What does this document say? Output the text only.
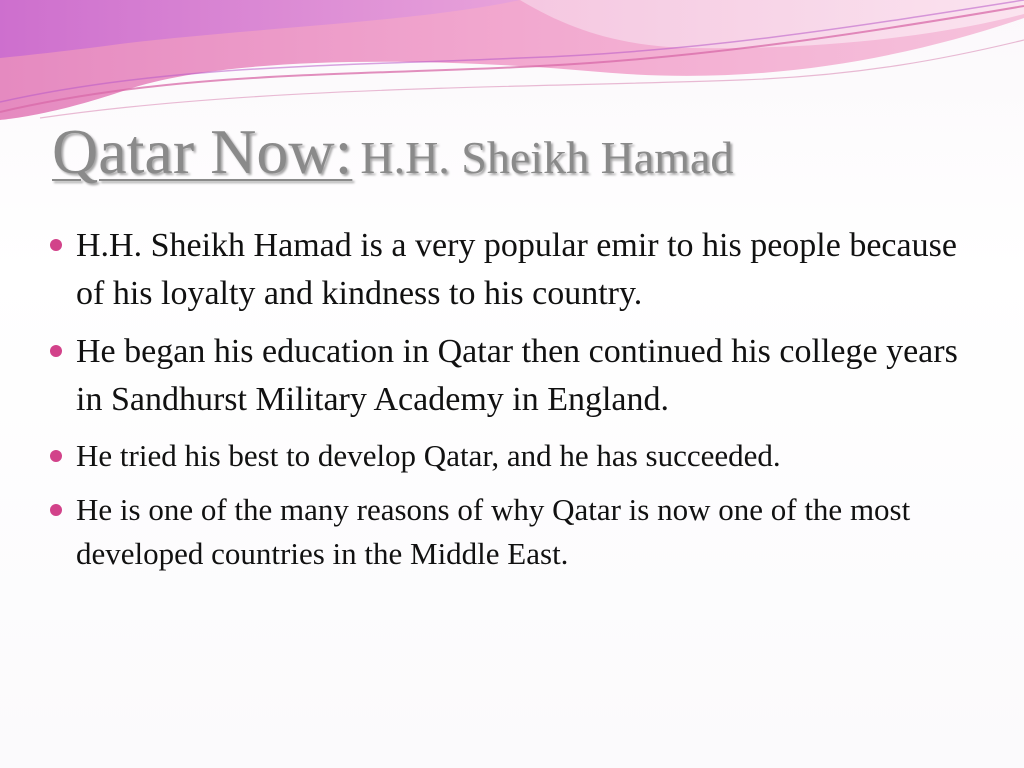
Qatar Now: H.H. Sheikh Hamad
H.H. Sheikh Hamad is a very popular emir to his people because of his loyalty and kindness to his country.
He began his education in Qatar then continued his college years in Sandhurst Military Academy in England.
He tried his best to develop Qatar, and he has succeeded.
He is one of the many reasons of why Qatar is now one of the most developed countries in the Middle East.
